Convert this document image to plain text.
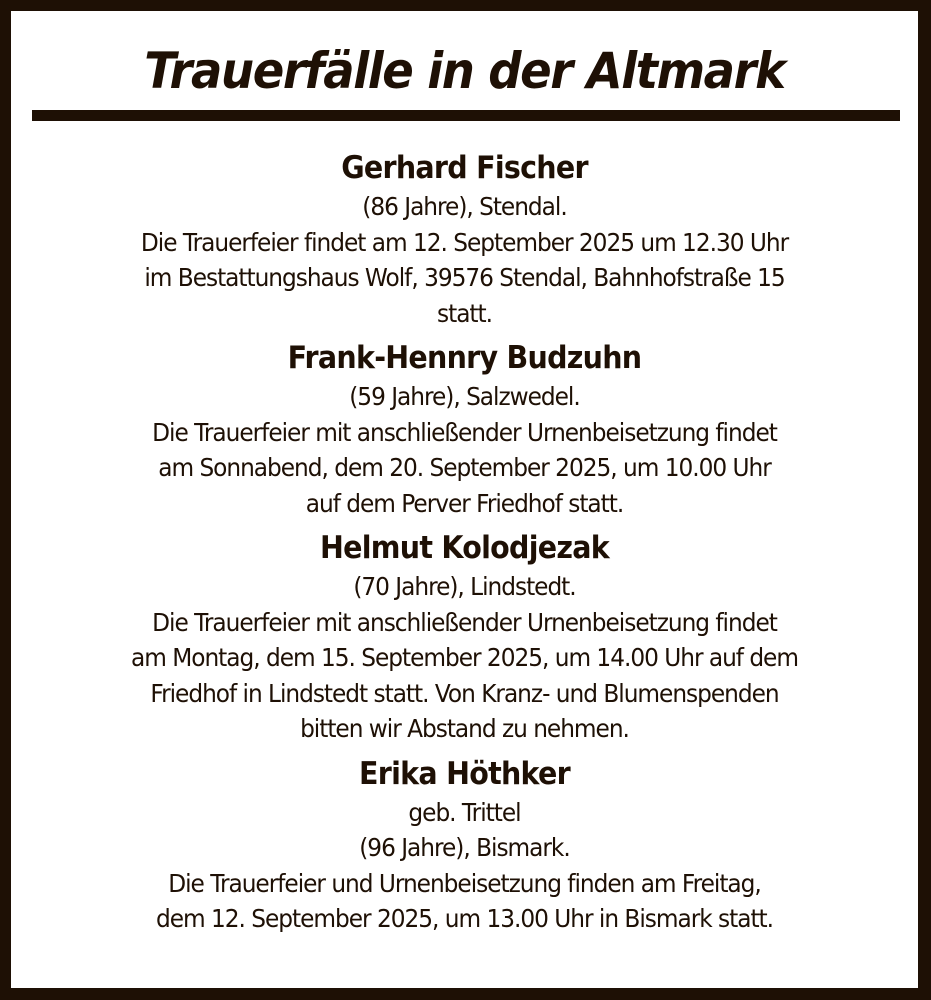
Trauerfälle in der Altmark
Gerhard Fischer
(86 Jahre), Stendal.
Die Trauerfeier findet am 12. September 2025 um 12.30 Uhr
im Bestattungshaus Wolf, 39576 Stendal, Bahnhofstraße 15
statt.
Frank-Hennry Budzuhn
(59 Jahre), Salzwedel.
Die Trauerfeier mit anschließender Urnenbeisetzung findet
am Sonnabend, dem 20. September 2025, um 10.00 Uhr
auf dem Perver Friedhof statt.
Helmut Kolodjezak
(70 Jahre), Lindstedt.
Die Trauerfeier mit anschließender Urnenbeisetzung findet
am Montag, dem 15. September 2025, um 14.00 Uhr auf dem
Friedhof in Lindstedt statt. Von Kranz- und Blumenspenden
bitten wir Abstand zu nehmen.
Erika Höthker
geb. Trittel
(96 Jahre), Bismark.
Die Trauerfeier und Urnenbeisetzung finden am Freitag,
dem 12. September 2025, um 13.00 Uhr in Bismark statt.
